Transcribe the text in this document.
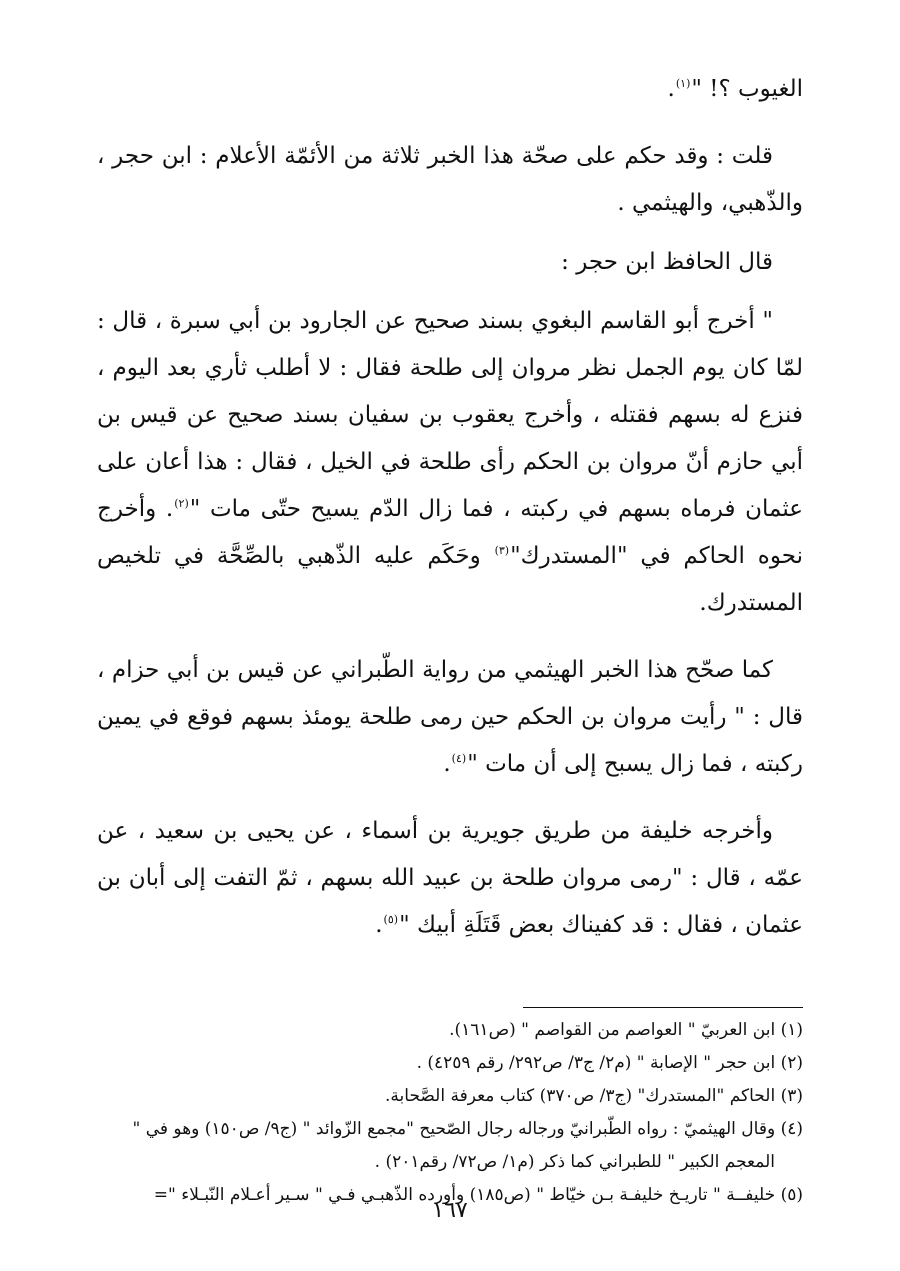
الغيوب ؟! "$^{(١)}$.

قلت : وقد حكم على صحّة هذا الخبر ثلاثة من الأئمّة الأعلام : ابن حجر ، والذّهبي، والهيثمي .

قال الحافظ ابن حجر :

" أخرج أبو القاسم البغوي بسند صحيح عن الجارود بن أبي سبرة ، قال : لمّا كان يوم الجمل نظر مروان إلى طلحة فقال : لا أطلب ثأري بعد اليوم ، فنزع له بسهم فقتله ، وأخرج يعقوب بن سفيان بسند صحيح عن قيس بن أبي حازم أنّ مروان بن الحكم رأى طلحة في الخيل ، فقال : هذا أعان على عثمان فرماه بسهم في ركبته ، فما زال الدّم يسيح حتّى مات "$^{(٢)}$. وأخرج نحوه الحاكم في "المستدرك"$^{(٣)}$ وحَكَم عليه الذّهبي بالصِّحَّة في تلخيص المستدرك.

كما صحّح هذا الخبر الهيثمي من رواية الطّبراني عن قيس بن أبي حزام ، قال : " رأيت مروان بن الحكم حين رمى طلحة يومئذ بسهم فوقع في يمين ركبته ، فما زال يسبح إلى أن مات "$^{(٤)}$.

وأخرجه خليفة من طريق جويرية بن أسماء ، عن يحيى بن سعيد ، عن عمّه ، قال : "رمى مروان طلحة بن عبيد الله بسهم ، ثمّ التفت إلى أبان بن عثمان ، فقال : قد كفيناك بعض قَتَلَةِ أبيك "$^{(٥)}$.

(١) ابن العربيّ " العواصم من القواصم " (ص١٦١).

(٢) ابن حجر " الإصابة " (م٢/ ج٣/ ص٢٩٢/ رقم ٤٢٥٩) .

(٣) الحاكم "المستدرك" (ج٣/ ص٣٧٠) كتاب معرفة الصَّحابة.

(٤) وقال الهيثميّ : رواه الطّبرانيّ ورجاله رجال الصّحيح "مجمع الزّوائد " (ج٩/ ص١٥٠) وهو في "
المعجم الكبير " للطبراني كما ذكر (م١/ ص٧٢/ رقم٢٠١) .

(٥) خليفــة " تاريـخ خليفـة بـن خيّاط " (ص١٨٥) وأورده الذّهبـي فـي " سـير أعـلام النّبـلاء "=

١٦٧
